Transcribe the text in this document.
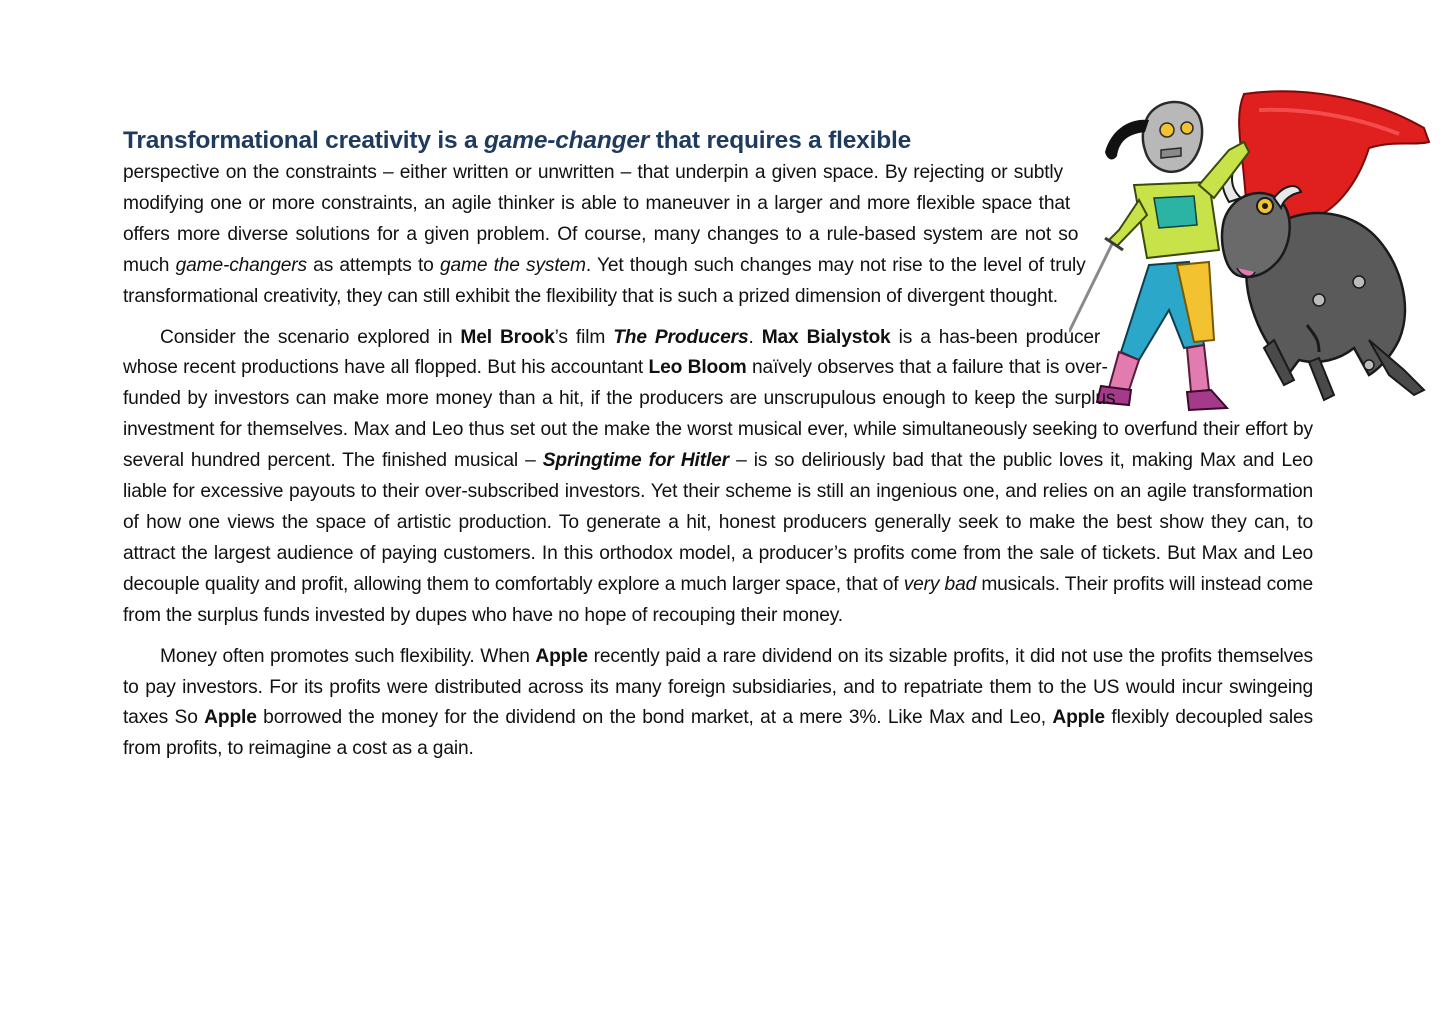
Transformational creativity is a game-changer that requires a flexible

perspective on the constraints – either written or unwritten – that underpin a given space. By rejecting or subtly modifying one or more constraints, an agile thinker is able to maneuver in a larger and more flexible space that offers more diverse solutions for a given problem. Of course, many changes to a rule-based system are not so much game-changers as attempts to game the system. Yet though such changes may not rise to the level of truly transformational creativity, they can still exhibit the flexibility that is such a prized dimension of divergent thought.

Consider the scenario explored in Mel Brook’s film The Producers. Max Bialystok is a has-been producer whose recent productions have all flopped. But his accountant Leo Bloom naïvely observes that a failure that is over-funded by investors can make more money than a hit, if the producers are unscrupulous enough to keep the surplus investment for themselves. Max and Leo thus set out the make the worst musical ever, while simultaneously seeking to overfund their effort by several hundred percent. The finished musical – Springtime for Hitler – is so deliriously bad that the public loves it, making Max and Leo liable for excessive payouts to their over-subscribed investors. Yet their scheme is still an ingenious one, and relies on an agile transformation of how one views the space of artistic production. To generate a hit, honest producers generally seek to make the best show they can, to attract the largest audience of paying customers. In this orthodox model, a producer’s profits come from the sale of tickets. But Max and Leo decouple quality and profit, allowing them to comfortably explore a much larger space, that of very bad musicals. Their profits will instead come from the surplus funds invested by dupes who have no hope of recouping their money.

Money often promotes such flexibility. When Apple recently paid a rare dividend on its sizable profits, it did not use the profits themselves to pay investors. For its profits were distributed across its many foreign subsidiaries, and to repatriate them to the US would incur swingeing taxes So Apple borrowed the money for the dividend on the bond market, at a mere 3%. Like Max and Leo, Apple flexibly decoupled sales from profits, to reimagine a cost as a gain.
